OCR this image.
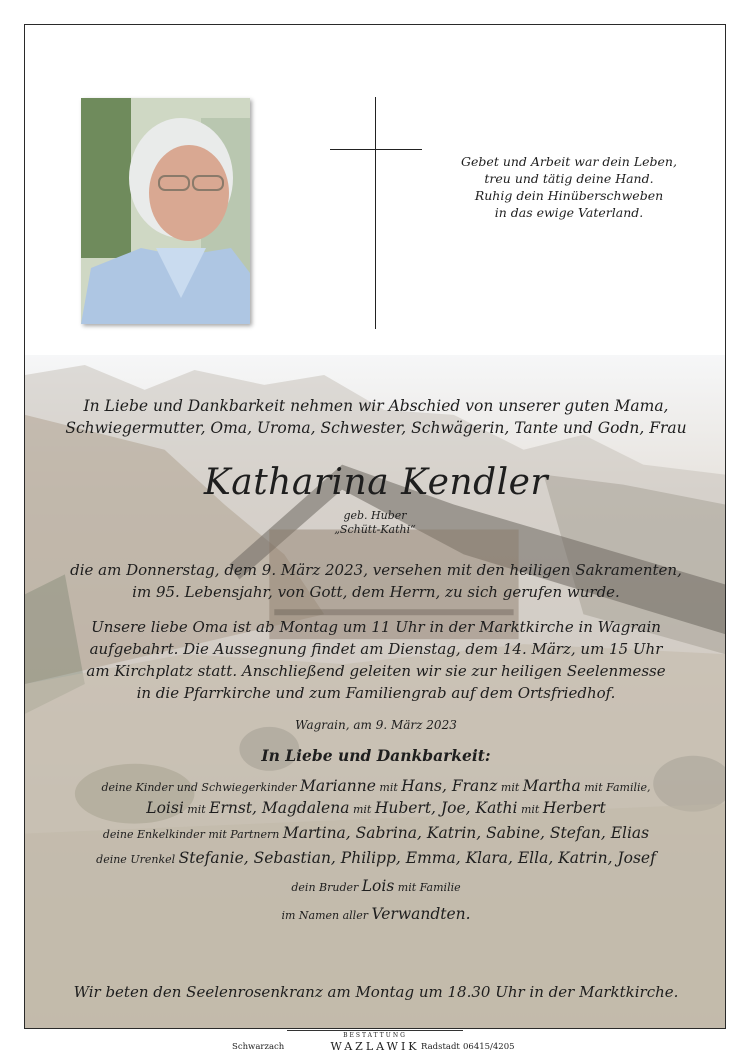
Gebet und Arbeit war dein Leben,
treu und tätig deine Hand.
Ruhig dein Hinüberschweben
in das ewige Vaterland.
In Liebe und Dankbarkeit nehmen wir Abschied von unserer guten Mama,
Schwiegermutter, Oma, Uroma, Schwester, Schwägerin, Tante und Godn, Frau
Katharina Kendler
geb. Huber
„Schütt-Kathi“
die am Donnerstag, dem 9. März 2023, versehen mit den heiligen Sakramenten,
im 95. Lebensjahr, von Gott, dem Herrn, zu sich gerufen wurde.
Unsere liebe Oma ist ab Montag um 11 Uhr in der Marktkirche in Wagrain
aufgebahrt. Die Aussegnung findet am Dienstag, dem 14. März, um 15 Uhr
am Kirchplatz statt. Anschließend geleiten wir sie zur heiligen Seelenmesse
in die Pfarrkirche und zum Familiengrab auf dem Ortsfriedhof.
Wagrain, am 9. März 2023
In Liebe und Dankbarkeit:
deine Kinder und Schwiegerkinder Marianne mit Hans, Franz mit Martha mit Familie,
Loisi mit Ernst, Magdalena mit Hubert, Joe, Kathi mit Herbert
deine Enkelkinder mit Partnern Martina, Sabrina, Katrin, Sabine, Stefan, Elias
deine Urenkel Stefanie, Sebastian, Philipp, Emma, Klara, Ella, Katrin, Josef
dein Bruder Lois mit Familie
im Namen aller Verwandten.
Wir beten den Seelenrosenkranz am Montag um 18.30 Uhr in der Marktkirche.
Schwarzach
BESTATTUNG
WAZLAWIK Radstadt 06415/4205
